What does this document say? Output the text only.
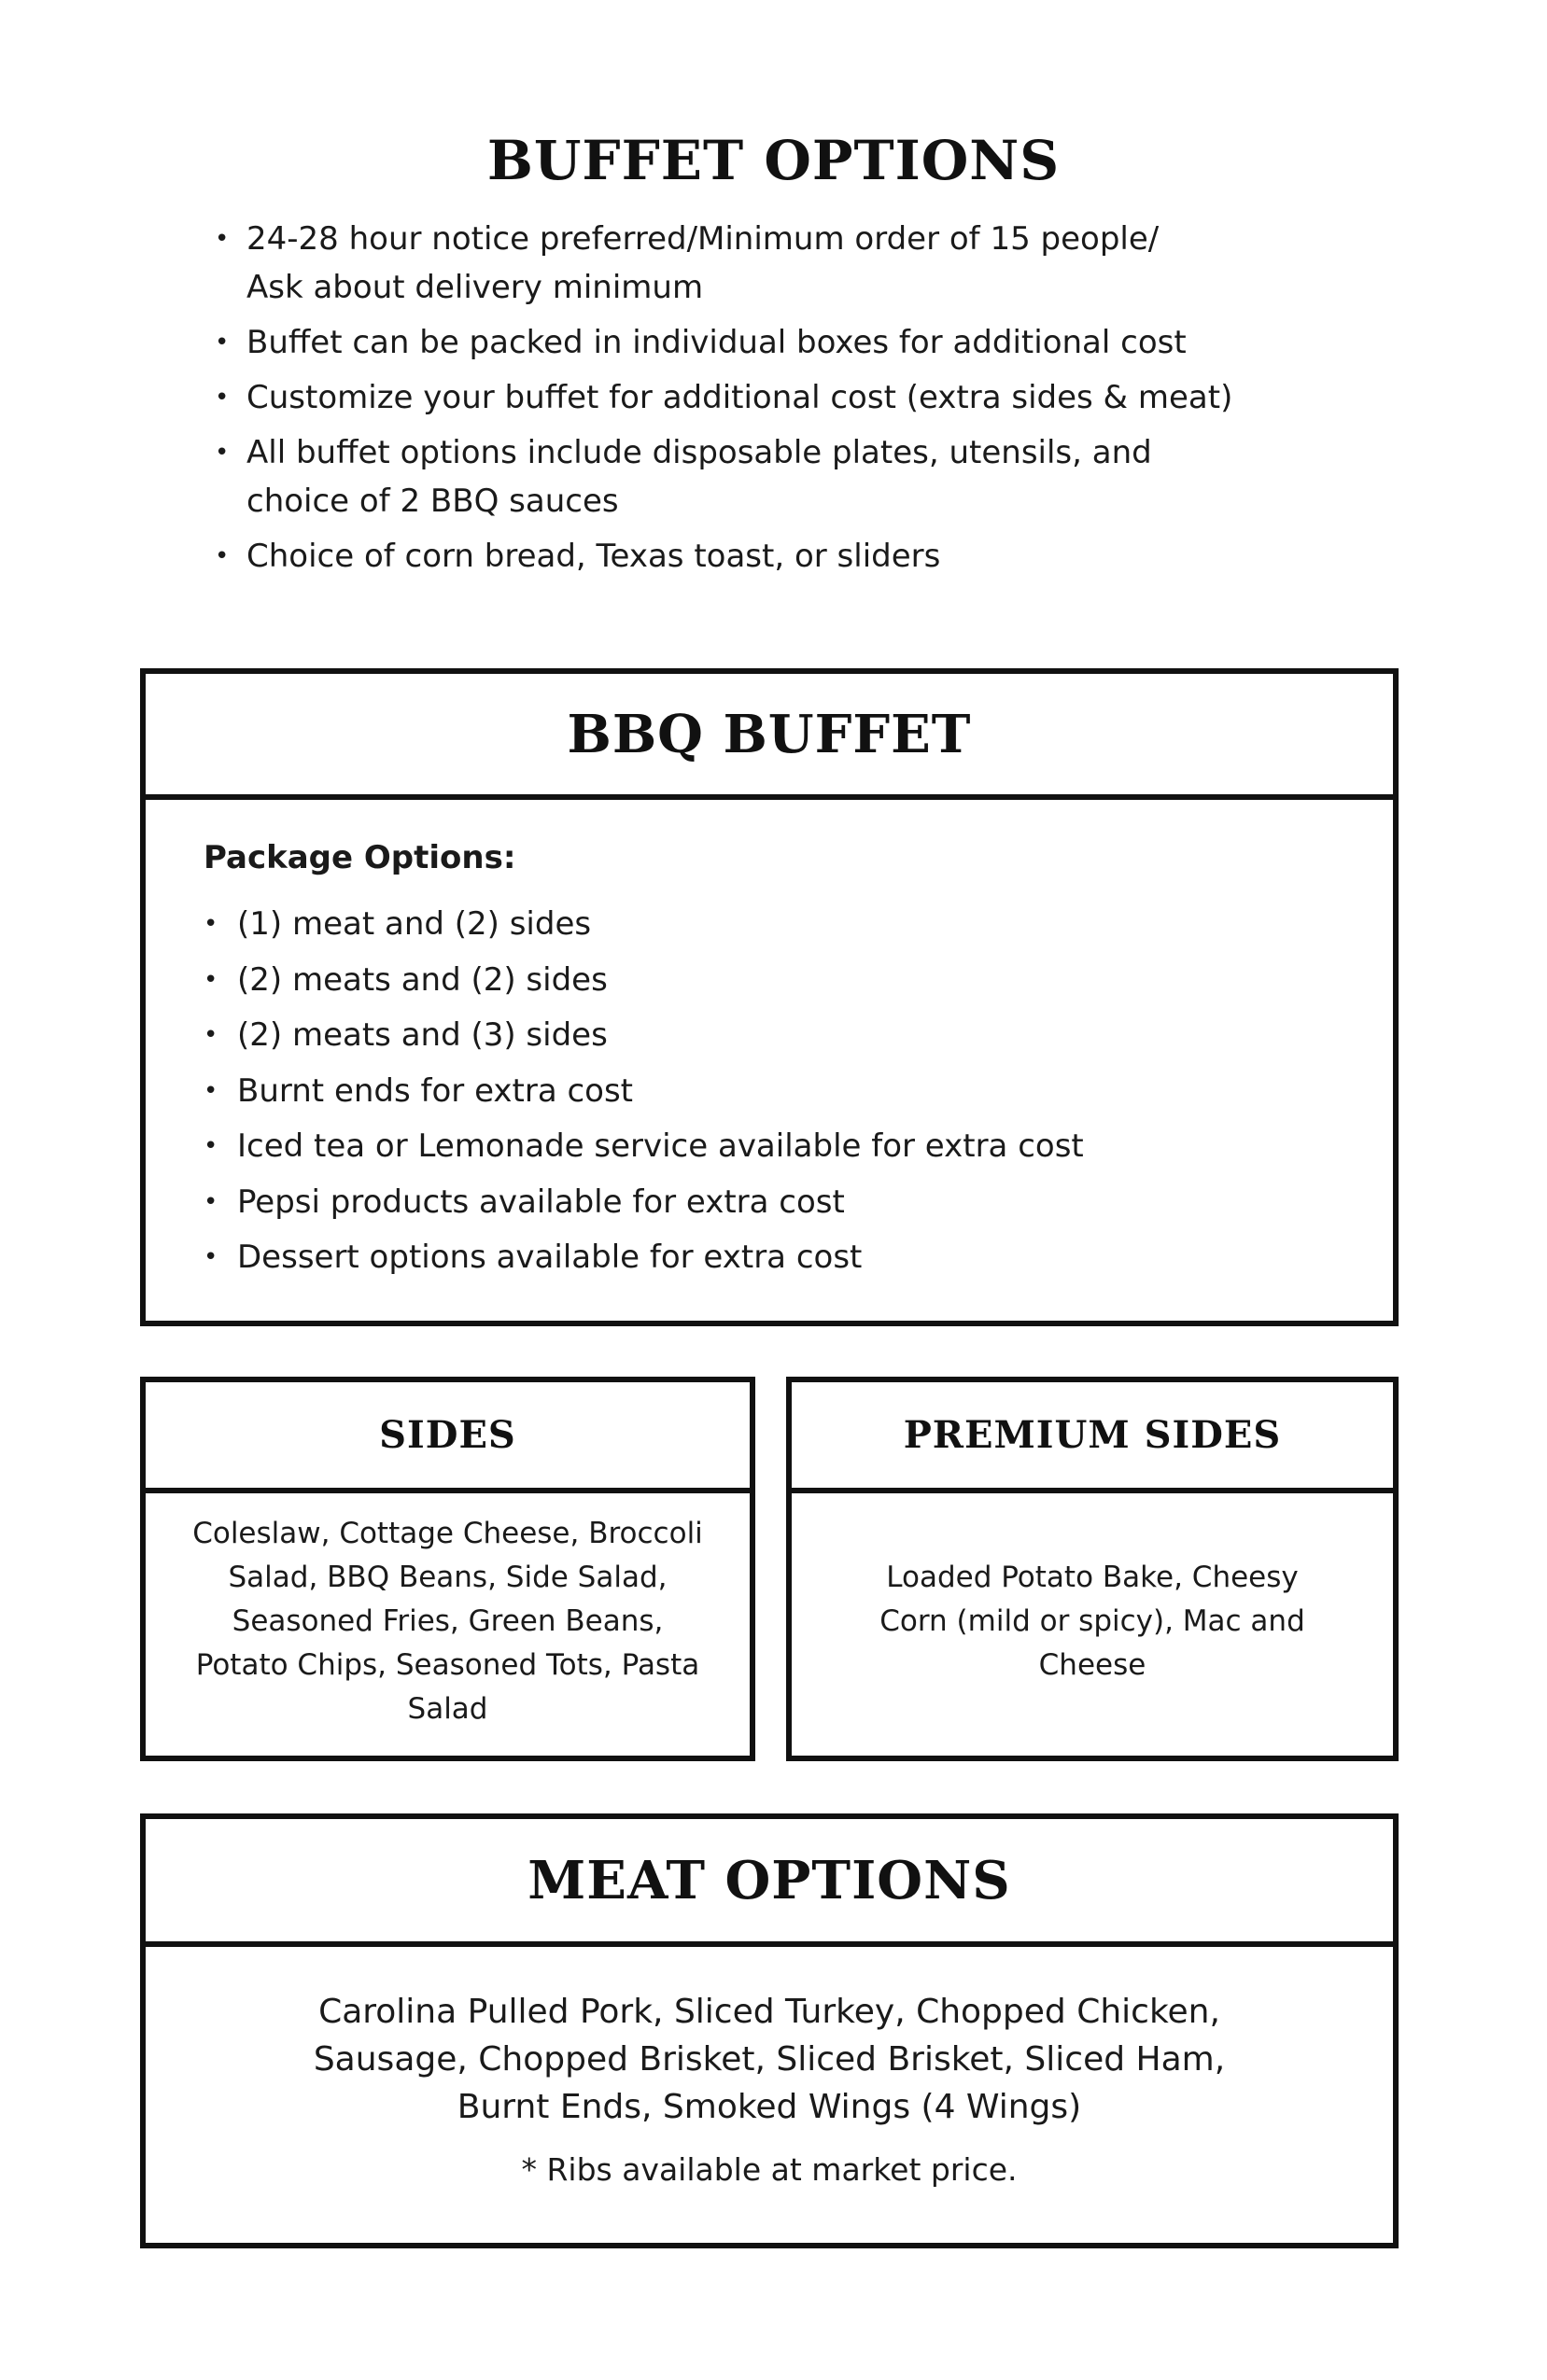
BUFFET OPTIONS
• 24-28 hour notice preferred/Minimum order of 15 people/ Ask about delivery minimum
• Buffet can be packed in individual boxes for additional cost
• Customize your buffet for additional cost (extra sides & meat)
• All buffet options include disposable plates, utensils, and choice of 2 BBQ sauces
• Choice of corn bread, Texas toast, or sliders
BBQ BUFFET
Package Options:
• (1) meat and (2) sides
• (2) meats and (2) sides
• (2) meats and (3) sides
• Burnt ends for extra cost
• Iced tea or Lemonade service available for extra cost
• Pepsi products available for extra cost
• Dessert options available for extra cost
SIDES
Coleslaw, Cottage Cheese, Broccoli Salad, BBQ Beans, Side Salad, Seasoned Fries, Green Beans, Potato Chips, Seasoned Tots, Pasta Salad
PREMIUM SIDES
Loaded Potato Bake, Cheesy Corn (mild or spicy), Mac and Cheese
MEAT OPTIONS
Carolina Pulled Pork, Sliced Turkey, Chopped Chicken, Sausage, Chopped Brisket, Sliced Brisket, Sliced Ham, Burnt Ends, Smoked Wings (4 Wings)
* Ribs available at market price.
